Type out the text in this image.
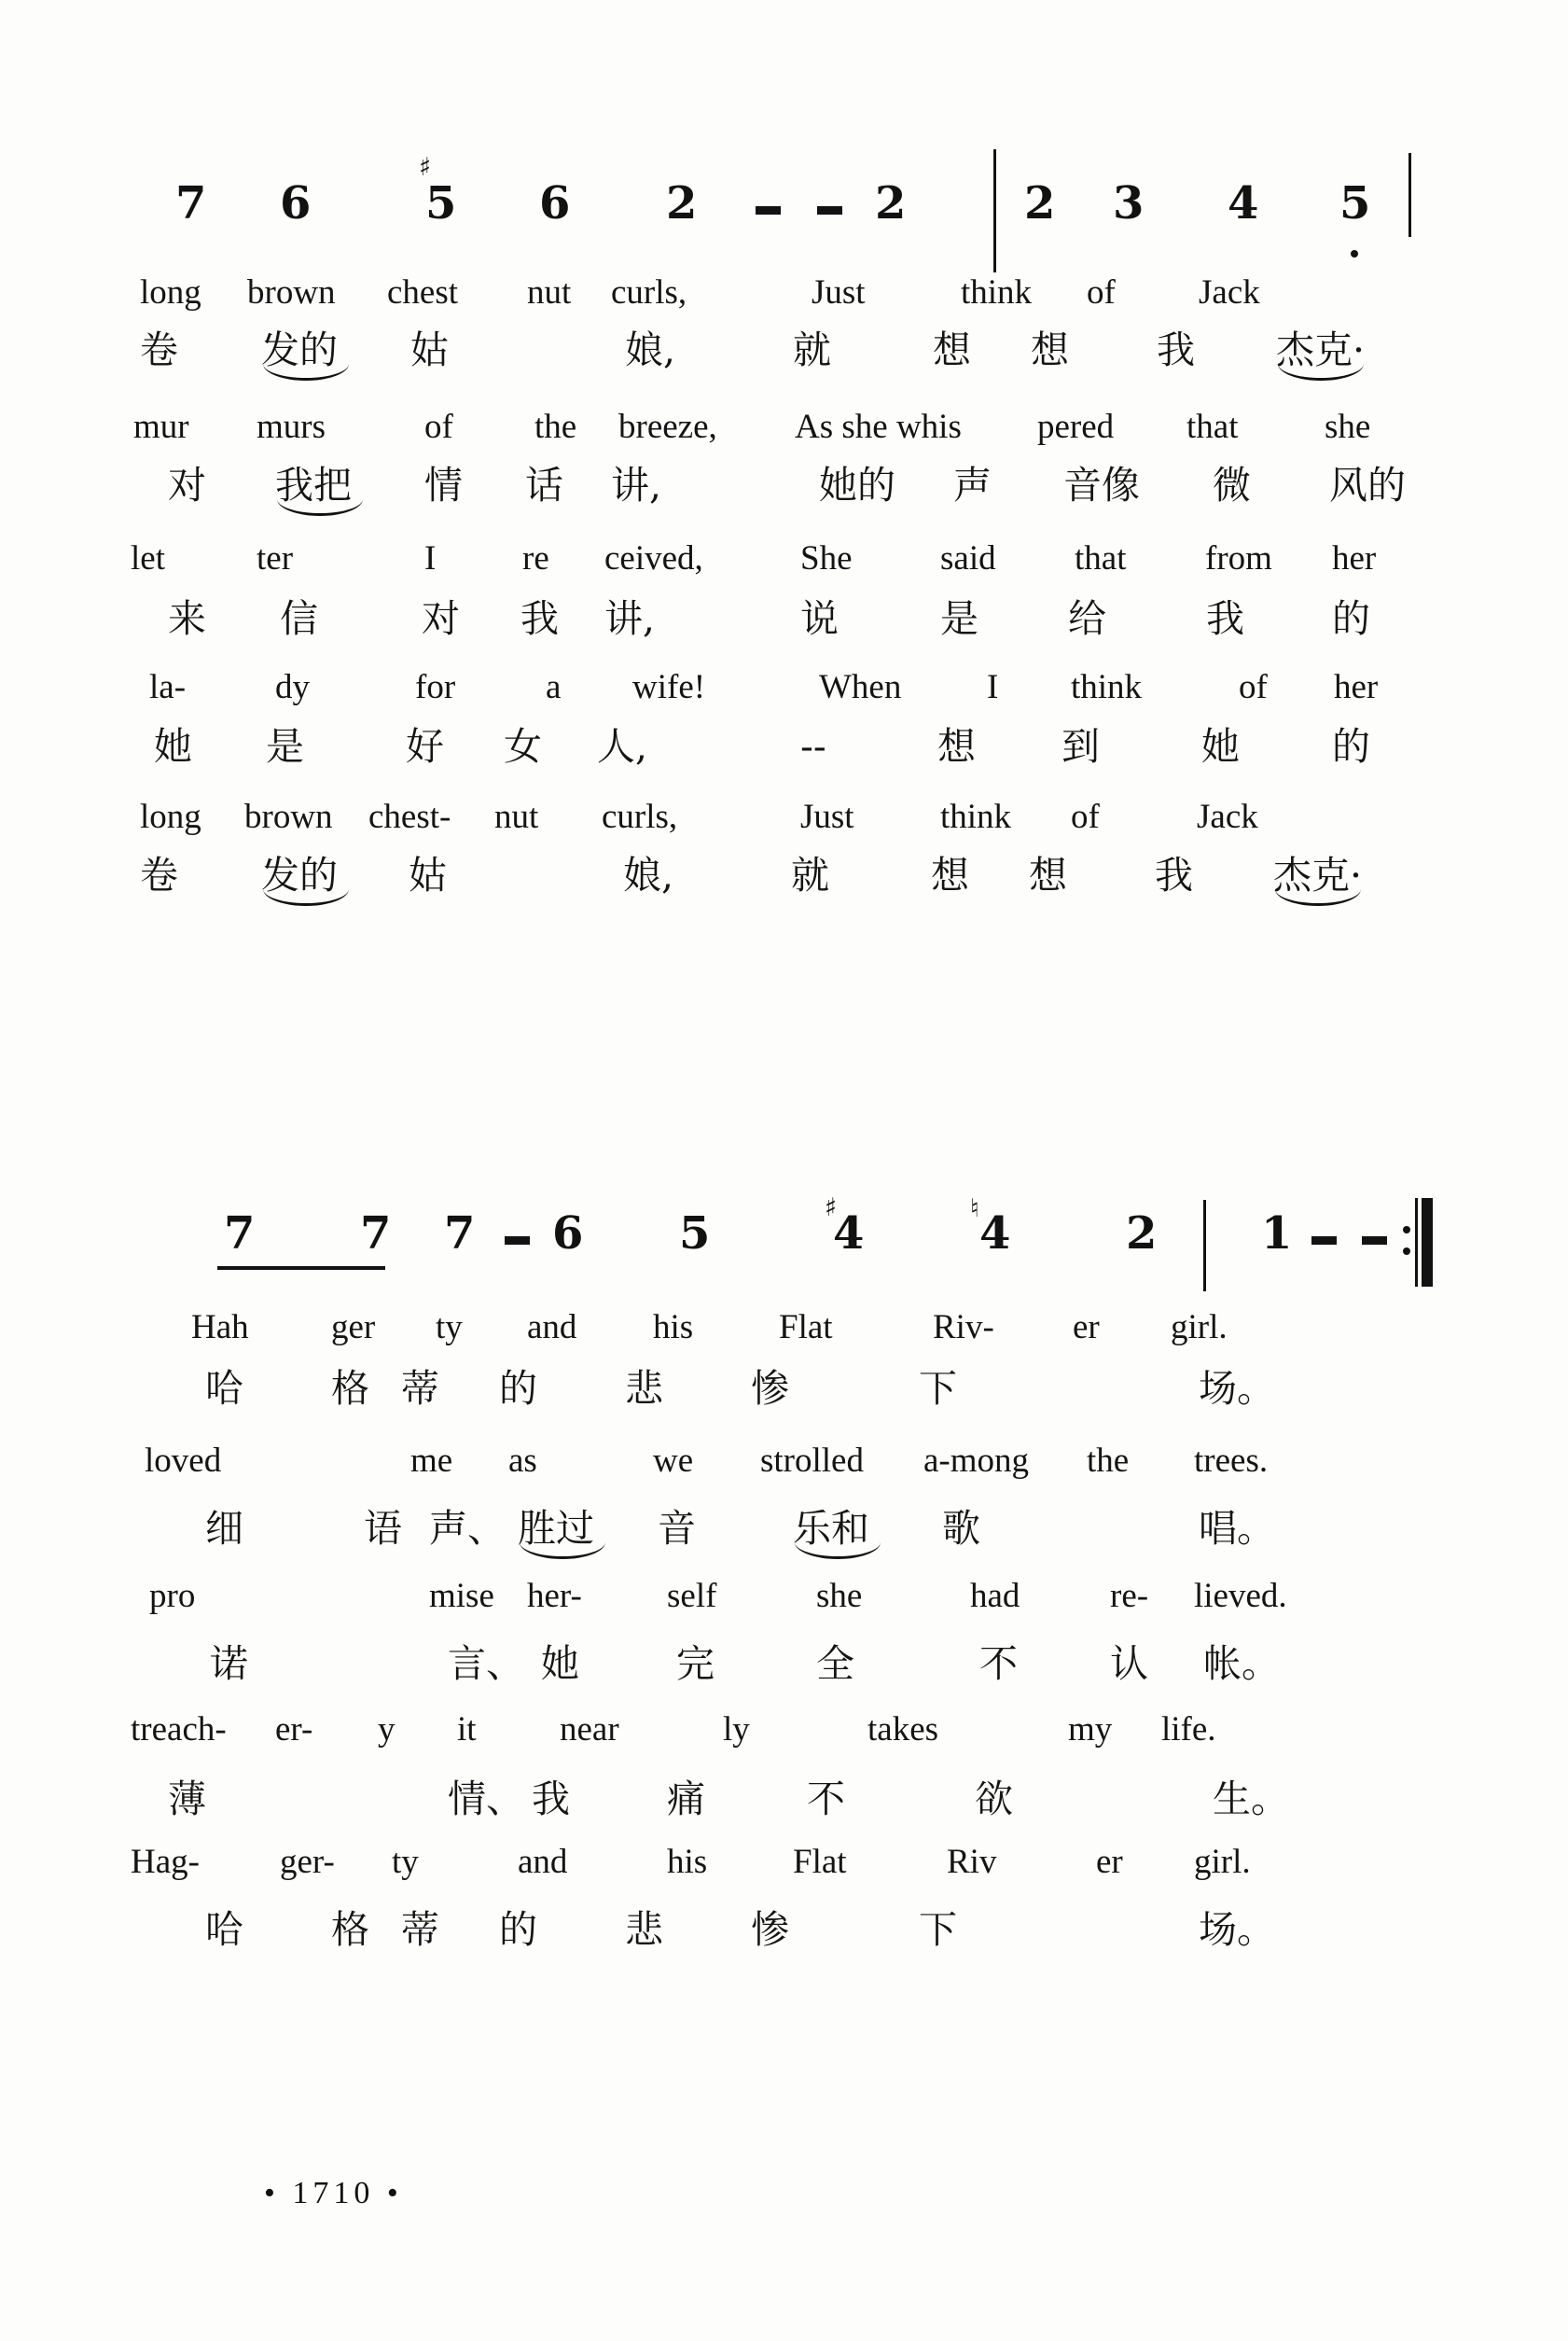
7 6	5 6 2	2	2 3 4 5
♯
long brown chest nut curls,	Just	think of Jack
卷 发的 姑	娘,	就	想 想 我 杰克·
mur murs	of the breeze, As she whis pered that	she
对 我把 情 话 讲,	她的 声 音像 微 风的
let	ter	I	re ceived,	She	said that from her
来 信	对 我 讲,	说	是 给	我 的
la-	dy	for	a wife!	When I think	of her
她 是	好 女 人,	--	想 到	她 的
long brown chest- nut curls,	Just think of	Jack
卷 发的 姑	娘,	就	想 想 我 杰克·
7 7 7 6 5	4	4	2 1
♯	♮
Hah ger ty and his Flat	Riv- er girl.
哈 格 蒂 的 悲 惨	下	场。
loved	me as	we strolled a-mong the trees.
细	语 声、 胜过 音	乐和 歌	唱。
pro	mise her- self	she	had	re- lieved.
诺	言、 她	完	全	不 认 帐。
treach- er- y it near	ly	takes	my life.
薄	情、 我	痛	不	欲	生。
Hag- ger- ty	and	his Flat	Riv	er girl.
哈 格 蒂 的 悲 惨	下	场。
• 1710 •
